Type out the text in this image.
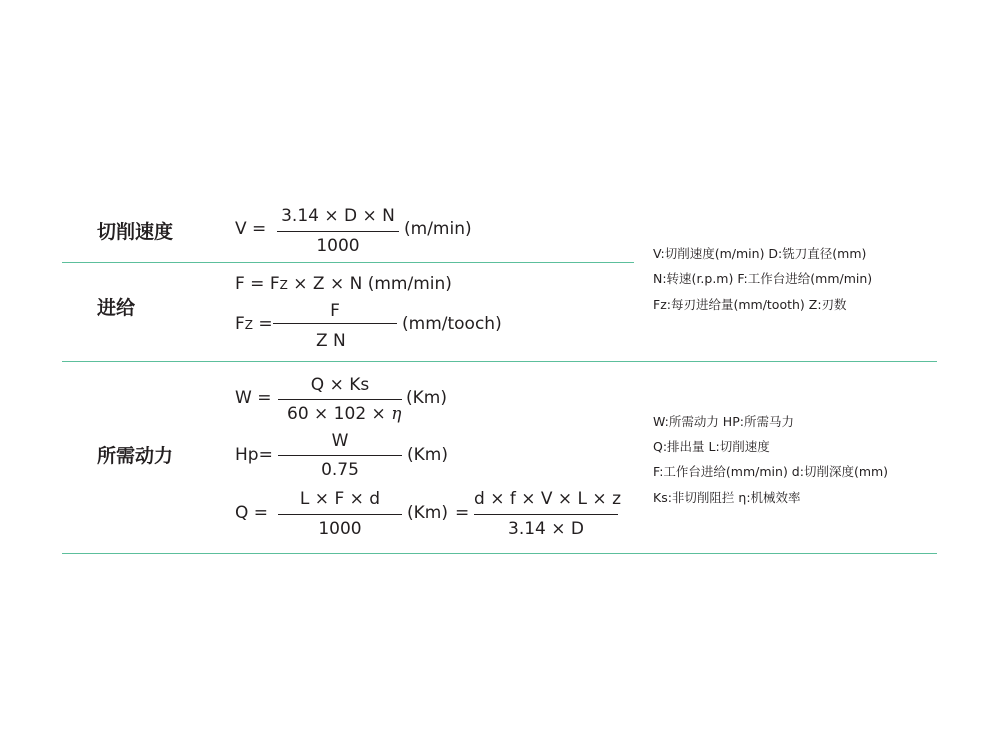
切削速度
进给
所需动力
V =
3.14 × D × N
1000
(m/min)
F = FZ × Z × N (mm/min)
FZ =
F
Z N
(mm/tooch)
W =
Q × Ks
60 × 102 × η
(Km)
Hp=
W
0.75
(Km)
Q =
L × F × d
1000
(Km) =
d × f × V × L × z
3.14 × D
V:切削速度(m/min) D:铣刀直径(mm)
N:转速(r.p.m) F:工作台进给(mm/min)
Fz:每刃进给量(mm/tooth) Z:刃数
W:所需动力 HP:所需马力
Q:排出量 L:切削速度
F:工作台进给(mm/min) d:切削深度(mm)
Ks:非切削阻拦 η:机械效率
